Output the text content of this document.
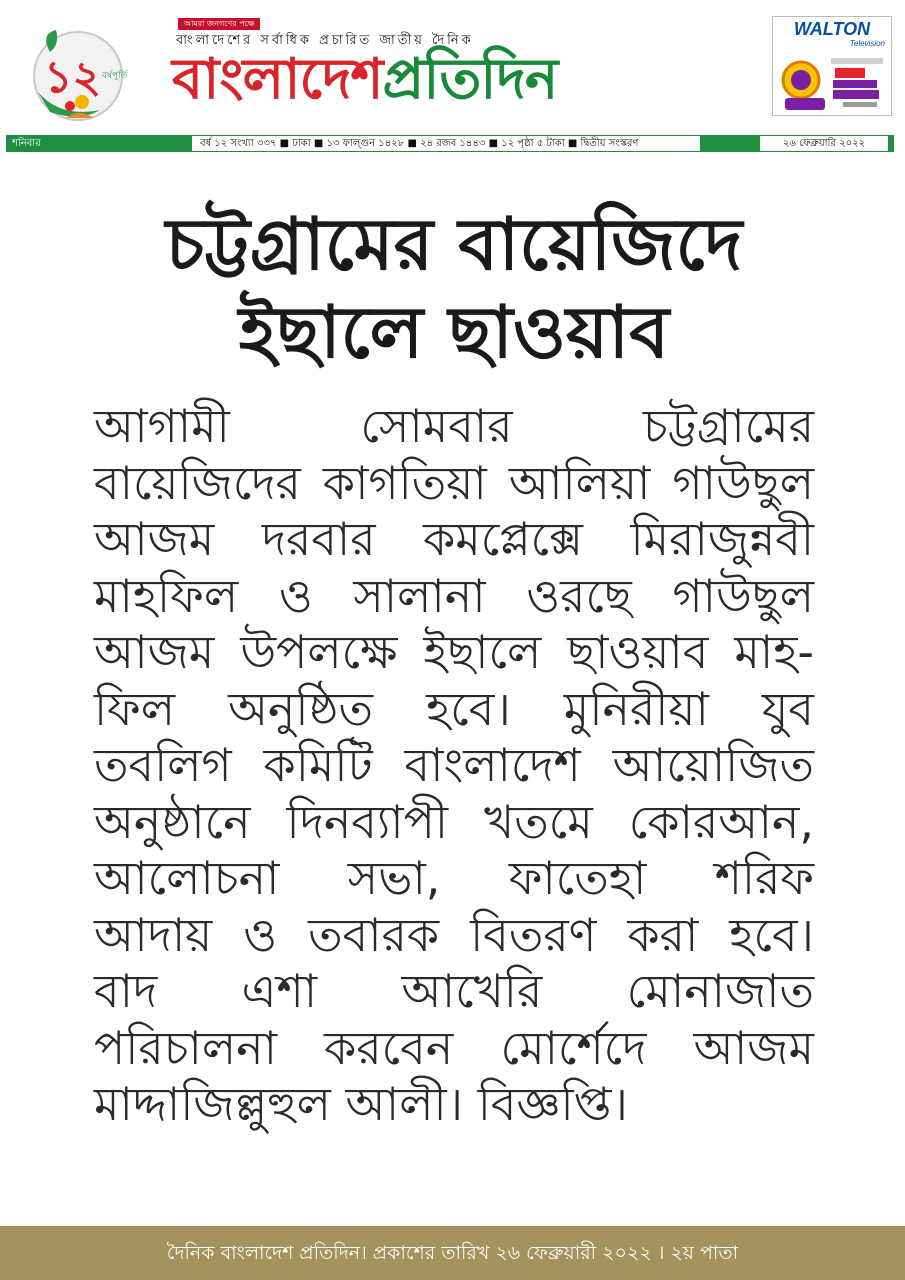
১২ বর্ষপূর্তি
আমরা জনগণের পক্ষে
বাংলাদেশের সর্বাধিক প্রচারিত জাতীয় দৈনিক
বাংলাদেশপ্রতিদিন
WALTON
Television
শনিবার	বর্ষ ১২ সংখ্যা ৩৩৭ ■ ঢাকা ■ ১৩ ফাল্গুন ১৪২৮ ■ ২৪ রজব ১৪৪৩ ■ ১২ পৃষ্ঠা ৫ টাকা ■ দ্বিতীয় সংস্করণ	২৬ ফেব্রুয়ারি ২০২২
চট্টগ্রামের বায়েজিদে
ইছালে ছাওয়াব
আগামী সোমবার চট্টগ্রামের
বায়েজিদের কাগতিয়া আলিয়া গাউছুল
আজম দরবার কমপ্লেক্সে মিরাজুন্নবী
মাহফিল ও সালানা ওরছে গাউছুল
আজম উপলক্ষে ইছালে ছাওয়াব মাহ-
ফিল অনুষ্ঠিত হবে। মুনিরীয়া যুব
তবলিগ কমিটি বাংলাদেশ আয়োজিত
অনুষ্ঠানে দিনব্যাপী খতমে কোরআন,
আলোচনা সভা, ফাতেহা শরিফ
আদায় ও তবারক বিতরণ করা হবে।
বাদ এশা আখেরি মোনাজাত
পরিচালনা করবেন মোর্শেদে আজম
মাদ্দাজিল্লুহুল আলী। বিজ্ঞপ্তি।
দৈনিক বাংলাদেশ প্রতিদিন। প্রকাশের তারিখ ২৬ ফেব্রুয়ারী ২০২২ । ২য় পাতা
